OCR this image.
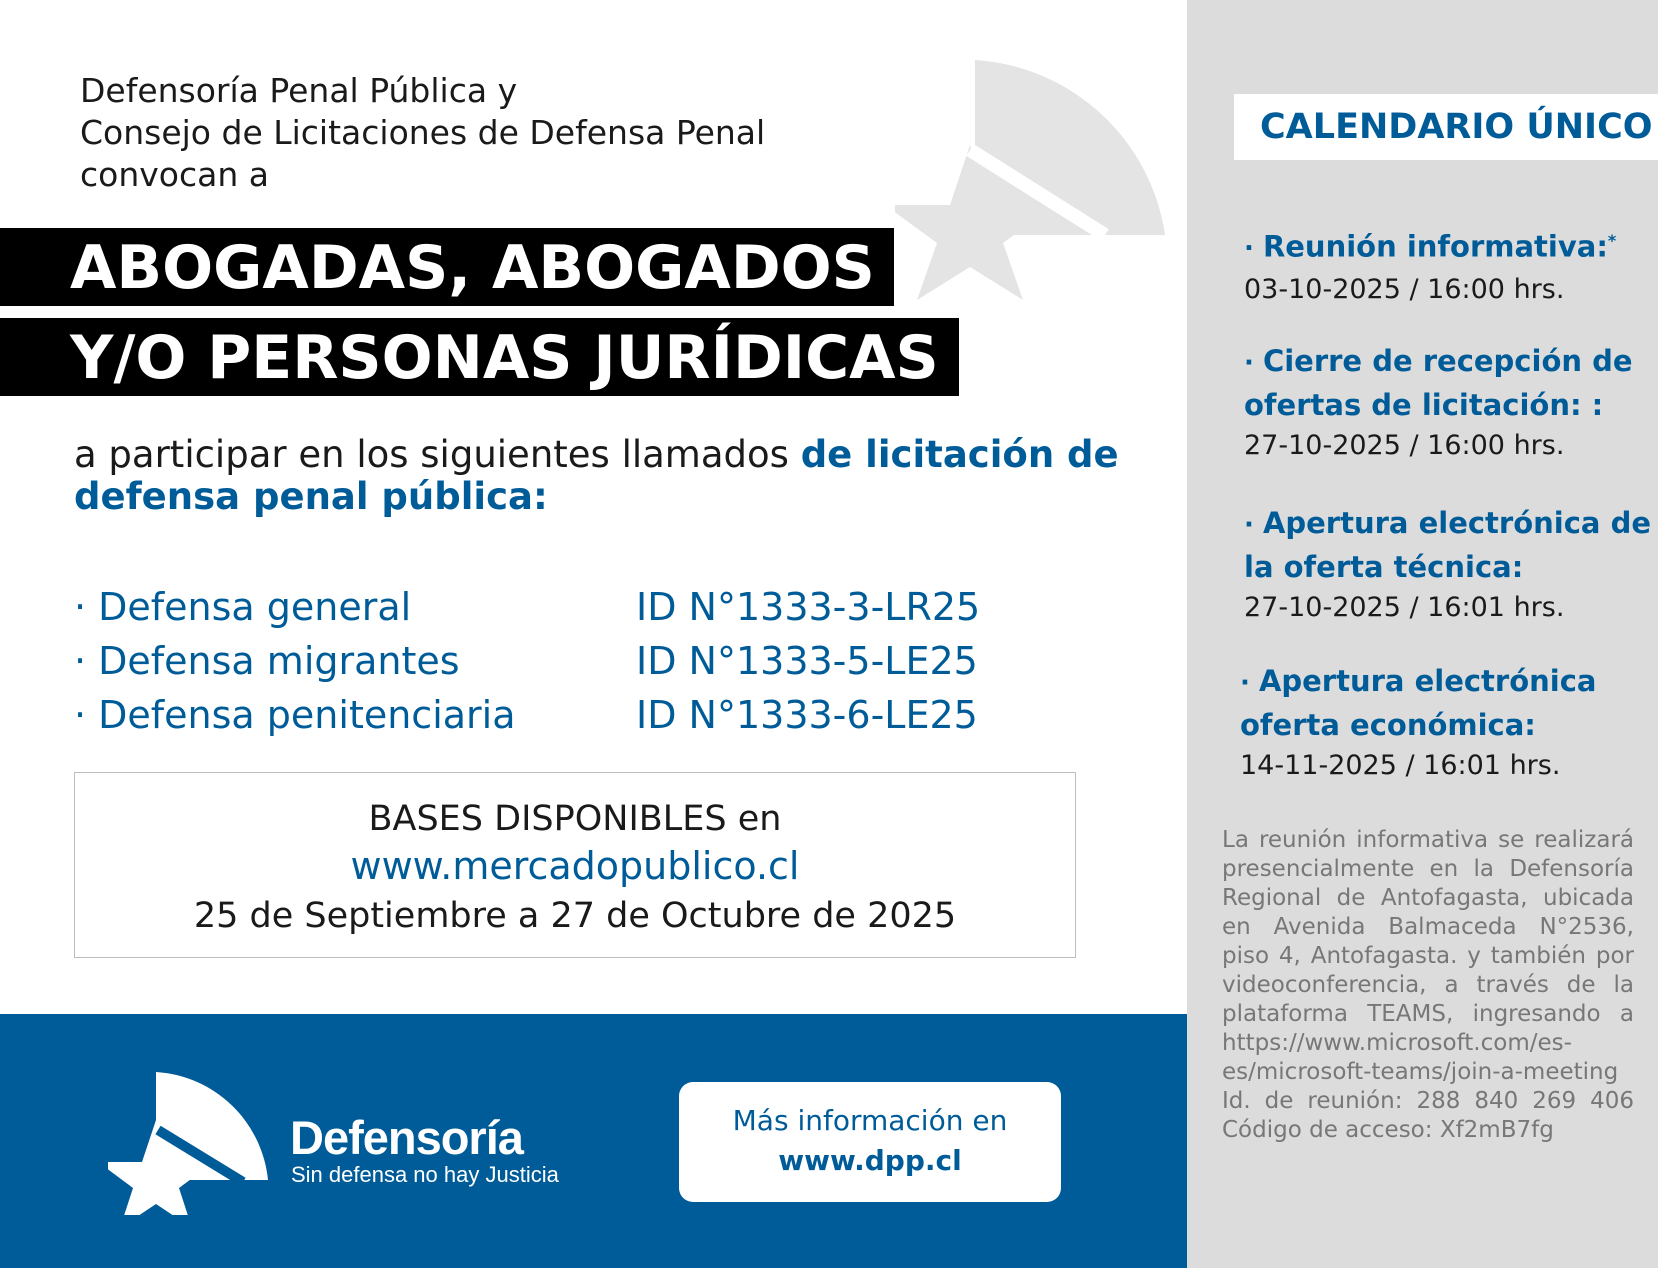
Defensoría Penal Pública y
Consejo de Licitaciones de Defensa Penal
convocan a
ABOGADAS, ABOGADOS
Y/O PERSONAS JURÍDICAS
a participar en los siguientes llamados de licitación de defensa penal pública:
· Defensa general	ID N°1333-3-LR25
· Defensa migrantes	ID N°1333-5-LE25
· Defensa penitenciaria	ID N°1333-6-LE25
BASES DISPONIBLES en
www.mercadopublico.cl
25 de Septiembre a 27 de Octubre de 2025
Defensoría
Sin defensa no hay Justicia
Más información en
www.dpp.cl
CALENDARIO ÚNICO
· Reunión informativa:*
03-10-2025 / 16:00 hrs.
· Cierre de recepción de ofertas de licitación: :
27-10-2025 / 16:00 hrs.
· Apertura electrónica de la oferta técnica:
27-10-2025 / 16:01 hrs.
· Apertura electrónica oferta económica:
14-11-2025 / 16:01 hrs.
La reunión informativa se realizará presencialmente en la Defensoría Regional de Antofagasta, ubicada en Avenida Balmaceda N°2536, piso 4, Antofagasta. y también por videoconferencia, a través de la plataforma TEAMS, ingresando a https://www.microsoft.com/es-es/microsoft-teams/join-a-meeting Id. de reunión: 288 840 269 406 Código de acceso: Xf2mB7fg
